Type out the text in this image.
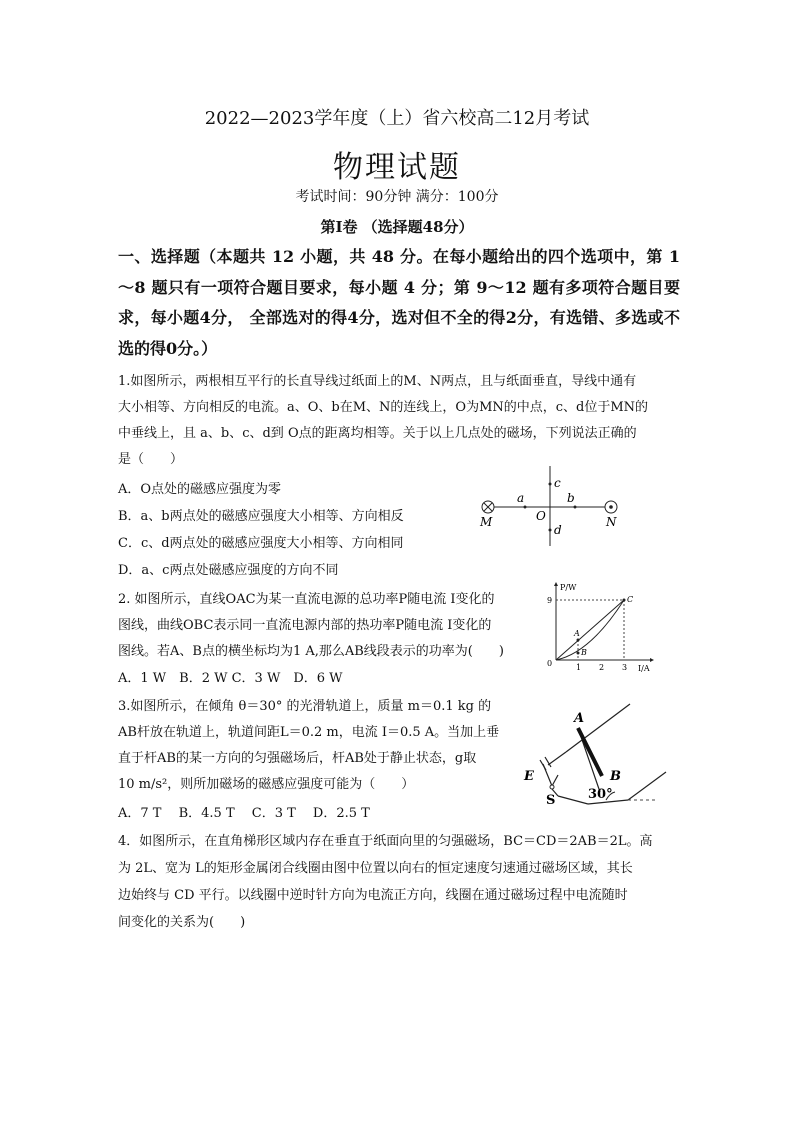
2022—2023学年度（上）省六校高二12月考试
物理试题
考试时间：90分钟 满分：100分
第Ⅰ卷 （选择题48分）
一、选择题（本题共 12 小题，共 48 分。在每小题给出的四个选项中，第 1～8 题只有一项符合题目要求，每小题 4 分；第 9～12 题有多项符合题目要求，每小题4分， 全部选对的得4分，选对但不全的得2分，有选错、多选或不选的得0分。）
1.如图所示，两根相互平行的长直导线过纸面上的M、N两点，且与纸面垂直，导线中通有
大小相等、方向相反的电流。a、O、b在M、N的连线上，O为MN的中点，c、d位于MN的
中垂线上，且 a、b、c、d到 O点的距离均相等。关于以上几点处的磁场，下列说法正确的
是（　　）
A．O点处的磁感应强度为零
B．a、b两点处的磁感应强度大小相等、方向相反
C．c、d两点处的磁感应强度大小相等、方向相同
D．a、c两点处磁感应强度的方向不同
M	N
O
a	b
c
d
2. 如图所示，直线OAC为某一直流电源的总功率P随电流 I变化的
图线，曲线OBC表示同一直流电源内部的热功率P随电流 I变化的
图线。若A、B点的横坐标均为1 A,那么AB线段表示的功率为(　　)
A．1 W　B．2 W C．3 W　D．6 W
P/W
I/A
9
0	1 2 3
A
B
C
3.如图所示，在倾角 θ＝30° 的光滑轨道上，质量 m＝0.1 kg 的
AB杆放在轨道上，轨道间距L＝0.2 m，电流 I＝0.5 A。当加上垂
直于杆AB的某一方向的匀强磁场后，杆AB处于静止状态，g取
10 m/s²，则所加磁场的磁感应强度可能为（　　）
A．7 T　 B．4.5 T　 C．3 T　 D．2.5 T
A
B
E
S	30°
4．如图所示，在直角梯形区域内存在垂直于纸面向里的匀强磁场，BC＝CD＝2AB＝2L。高
为 2L、宽为 L的矩形金属闭合线圈由图中位置以向右的恒定速度匀速通过磁场区域，其长
边始终与 CD 平行。以线圈中逆时针方向为电流正方向，线圈在通过磁场过程中电流随时
间变化的关系为(　　)
